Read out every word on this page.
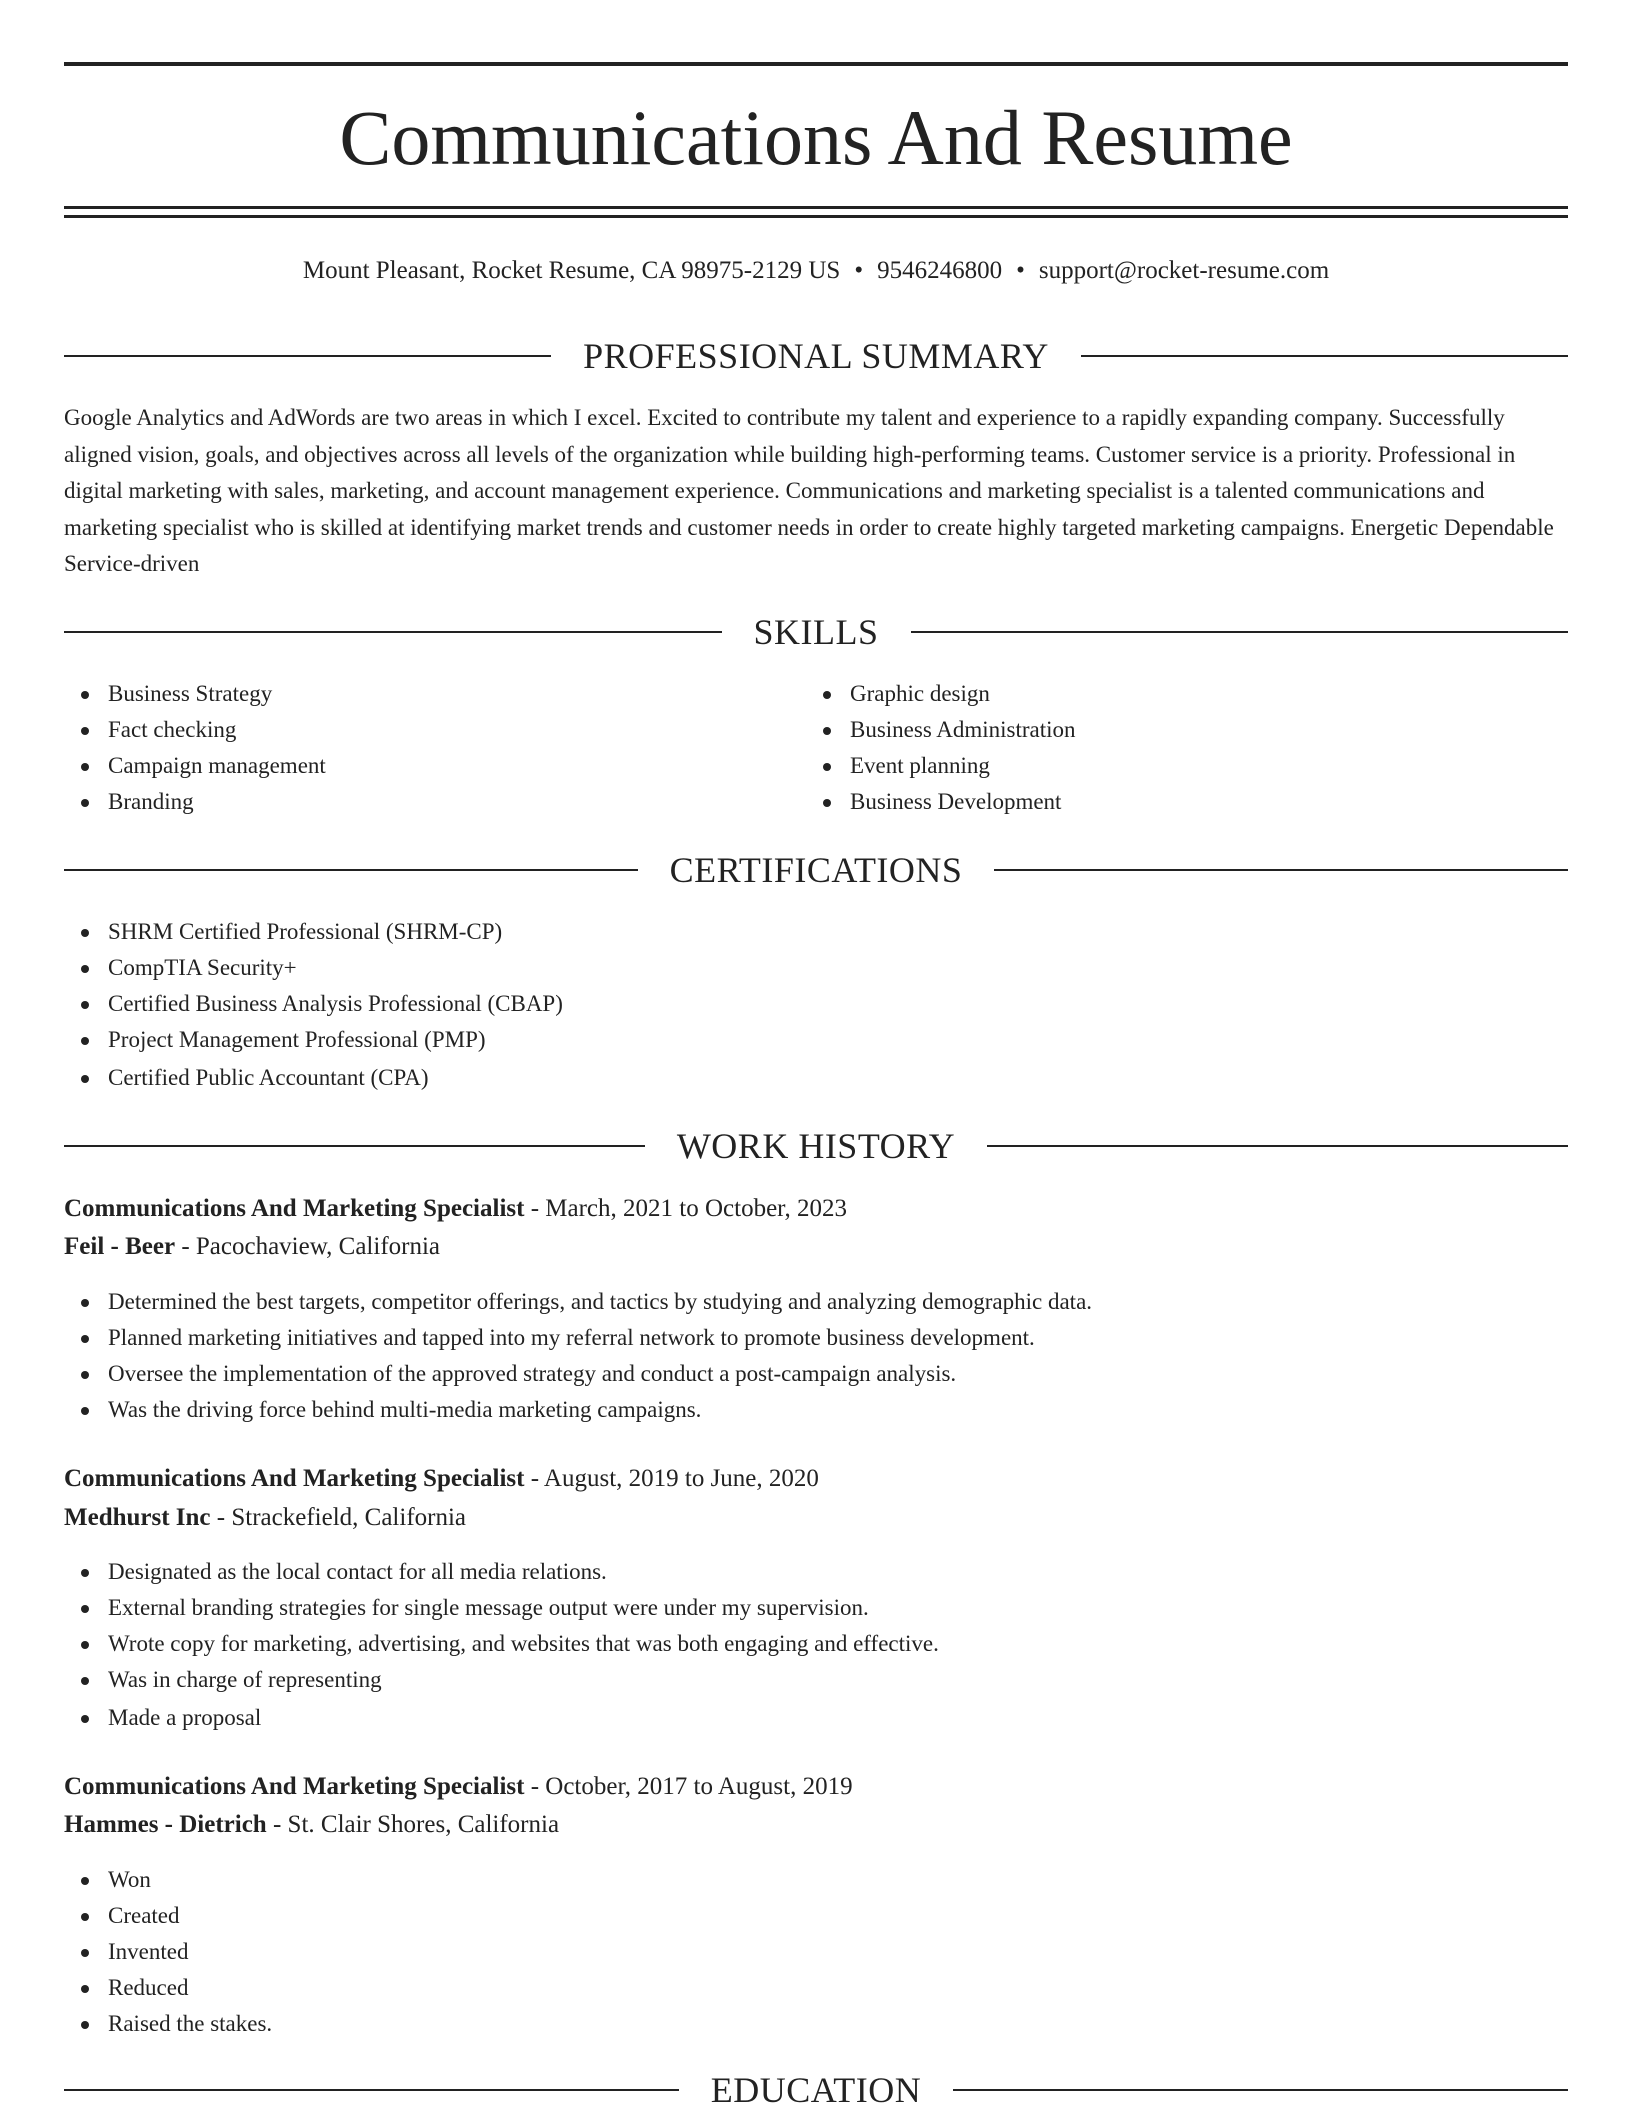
Communications And Resume
Mount Pleasant, Rocket Resume, CA 98975-2129 US • 9546246800 • support@rocket-resume.com
PROFESSIONAL SUMMARY

Google Analytics and AdWords are two areas in which I excel. Excited to contribute my talent and experience to a rapidly expanding company. Successfully aligned vision, goals, and objectives across all levels of the organization while building high-performing teams. Customer service is a priority. Professional in digital marketing with sales, marketing, and account management experience. Communications and marketing specialist is a talented communications and marketing specialist who is skilled at identifying market trends and customer needs in order to create highly targeted marketing campaigns. Energetic Dependable Service-driven

SKILLS
Business Strategy
Fact checking
Campaign management
Branding
Graphic design
Business Administration
Event planning
Business Development
CERTIFICATIONS
SHRM Certified Professional (SHRM-CP)
CompTIA Security+
Certified Business Analysis Professional (CBAP)
Project Management Professional (PMP)
Certified Public Accountant (CPA)
WORK HISTORY
Communications And Marketing Specialist - March, 2021 to October, 2023
Feil - Beer - Pacochaview, California
Determined the best targets, competitor offerings, and tactics by studying and analyzing demographic data.
Planned marketing initiatives and tapped into my referral network to promote business development.
Oversee the implementation of the approved strategy and conduct a post-campaign analysis.
Was the driving force behind multi-media marketing campaigns.
Communications And Marketing Specialist - August, 2019 to June, 2020
Medhurst Inc - Strackefield, California
Designated as the local contact for all media relations.
External branding strategies for single message output were under my supervision.
Wrote copy for marketing, advertising, and websites that was both engaging and effective.
Was in charge of representing
Made a proposal
Communications And Marketing Specialist - October, 2017 to August, 2019
Hammes - Dietrich - St. Clair Shores, California
Won
Created
Invented
Reduced
Raised the stakes.
EDUCATION
